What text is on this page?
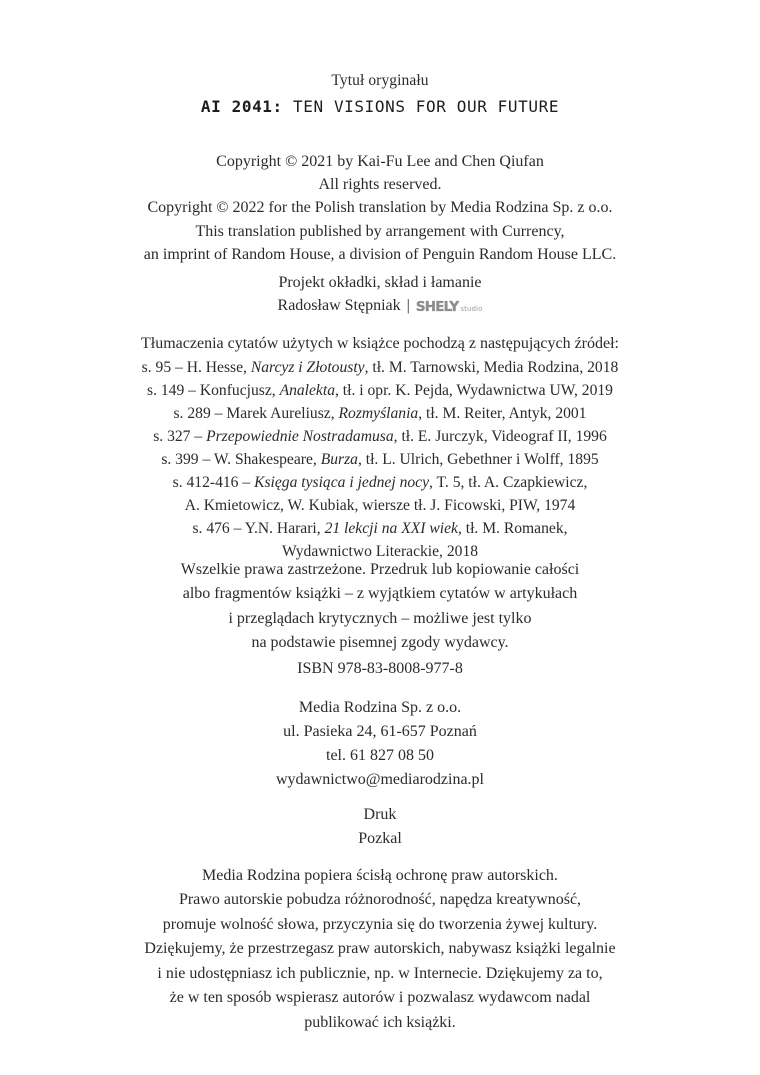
Tytuł oryginału
AI 2041: TEN VISIONS FOR OUR FUTURE
Copyright © 2021 by Kai-Fu Lee and Chen Qiufan
All rights reserved.
Copyright © 2022 for the Polish translation by Media Rodzina Sp. z o.o.
This translation published by arrangement with Currency,
an imprint of Random House, a division of Penguin Random House LLC.
Projekt okładki, skład i łamanie
Radosław Stępniak | SHELY studio
Tłumaczenia cytatów użytych w książce pochodzą z następujących źródeł:
s. 95 – H. Hesse, Narcyz i Złotousty, tł. M. Tarnowski, Media Rodzina, 2018
s. 149 – Konfucjusz, Analekta, tł. i opr. K. Pejda, Wydawnictwa UW, 2019
s. 289 – Marek Aureliusz, Rozmyślania, tł. M. Reiter, Antyk, 2001
s. 327 – Przepowiednie Nostradamusa, tł. E. Jurczyk, Videograf II, 1996
s. 399 – W. Shakespeare, Burza, tł. L. Ulrich, Gebethner i Wolff, 1895
s. 412-416 – Księga tysiąca i jednej nocy, T. 5, tł. A. Czapkiewicz,
A. Kmietowicz, W. Kubiak, wiersze tł. J. Ficowski, PIW, 1974
s. 476 – Y.N. Harari, 21 lekcji na XXI wiek, tł. M. Romanek,
Wydawnictwo Literackie, 2018
Wszelkie prawa zastrzeżone. Przedruk lub kopiowanie całości
albo fragmentów książki – z wyjątkiem cytatów w artykułach
i przeglądach krytycznych – możliwe jest tylko
na podstawie pisemnej zgody wydawcy.
ISBN 978-83-8008-977-8
Media Rodzina Sp. z o.o.
ul. Pasieka 24, 61-657 Poznań
tel. 61 827 08 50
wydawnictwo@mediarodzina.pl
Druk
Pozkal
Media Rodzina popiera ścisłą ochronę praw autorskich.
Prawo autorskie pobudza różnorodność, napędza kreatywność,
promuje wolność słowa, przyczynia się do tworzenia żywej kultury.
Dziękujemy, że przestrzegasz praw autorskich, nabywasz książki legalnie
i nie udostępniasz ich publicznie, np. w Internecie. Dziękujemy za to,
że w ten sposób wspierasz autorów i pozwalasz wydawcom nadal
publikować ich książki.
